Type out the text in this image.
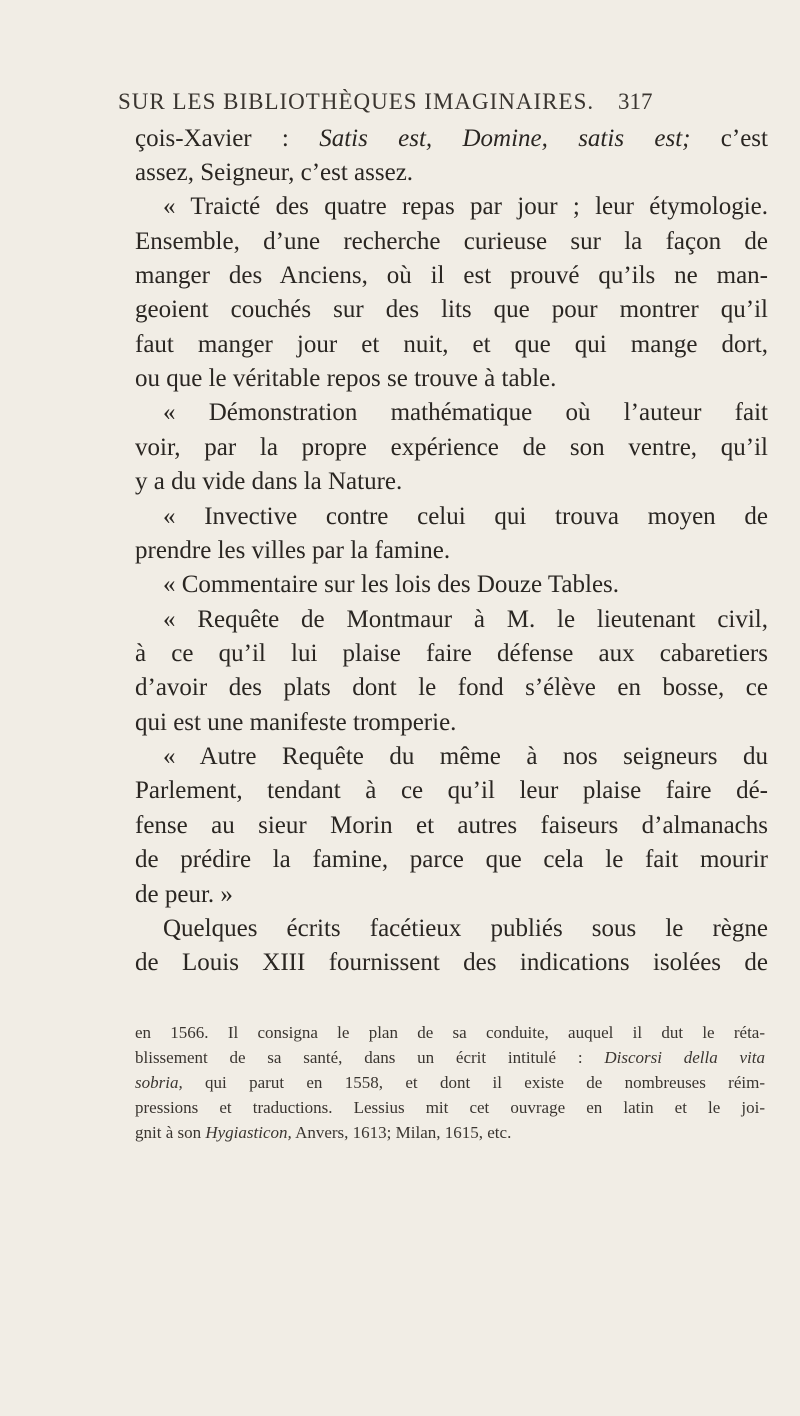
SUR LES BIBLIOTHÈQUES IMAGINAIRES. 317
çois-Xavier : Satis est, Domine, satis est; c’est
assez, Seigneur, c’est assez.
« Traicté des quatre repas par jour ; leur étymologie.
Ensemble, d’une recherche curieuse sur la façon de
manger des Anciens, où il est prouvé qu’ils ne man-
geoient couchés sur des lits que pour montrer qu’il
faut manger jour et nuit, et que qui mange dort,
ou que le véritable repos se trouve à table.
« Démonstration mathématique où l’auteur fait
voir, par la propre expérience de son ventre, qu’il
y a du vide dans la Nature.
« Invective contre celui qui trouva moyen de
prendre les villes par la famine.
« Commentaire sur les lois des Douze Tables.
« Requête de Montmaur à M. le lieutenant civil,
à ce qu’il lui plaise faire défense aux cabaretiers
d’avoir des plats dont le fond s’élève en bosse, ce
qui est une manifeste tromperie.
« Autre Requête du même à nos seigneurs du
Parlement, tendant à ce qu’il leur plaise faire dé-
fense au sieur Morin et autres faiseurs d’almanachs
de prédire la famine, parce que cela le fait mourir
de peur. »
Quelques écrits facétieux publiés sous le règne
de Louis XIII fournissent des indications isolées de
en 1566. Il consigna le plan de sa conduite, auquel il dut le réta-
blissement de sa santé, dans un écrit intitulé : Discorsi della vita
sobria, qui parut en 1558, et dont il existe de nombreuses réim-
pressions et traductions. Lessius mit cet ouvrage en latin et le joi-
gnit à son Hygiasticon, Anvers, 1613; Milan, 1615, etc.
